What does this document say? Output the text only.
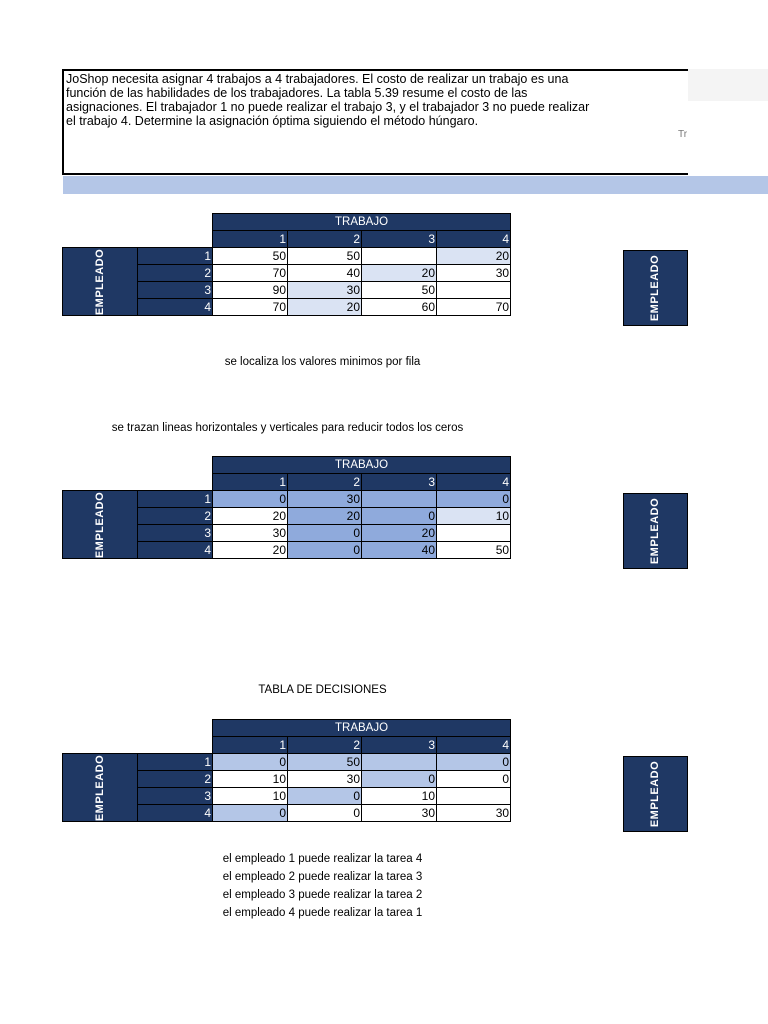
JoShop necesita asignar 4 trabajos a 4 trabajadores. El costo de realizar un trabajo es una
función de las habilidades de los trabajadores. La tabla 5.39 resume el costo de las
asignaciones. El trabajador 1 no puede realizar el trabajo 3, y el trabajador 3 no puede realizar
el trabajo 4. Determine la asignación óptima siguiendo el método húngaro.
Tr
		TRABAJO			
		1	2	3	4
EMPLEADO	1	50	50		20
	2	70	40	20	30
	3	90	30	50	
	4	70	20	60	70	EMPLEADO
se localiza los valores minimos por fila
se trazan lineas horizontales y verticales para reducir todos los ceros
		TRABAJO			
		1	2	3	4
EMPLEADO	1	0	30		0
	2	20	20	0	10
	3	30	0	20	
	4	20	0	40	50	EMPLEADO
TABLA DE DECISIONES
		TRABAJO			
		1	2	3	4
EMPLEADO	1	0	50		0
	2	10	30	0	0
	3	10	0	10	
	4	0	0	30	30	EMPLEADO
el empleado 1 puede realizar la tarea 4
el empleado 2 puede realizar la tarea 3
el empleado 3 puede realizar la tarea 2
el empleado 4 puede realizar la tarea 1
